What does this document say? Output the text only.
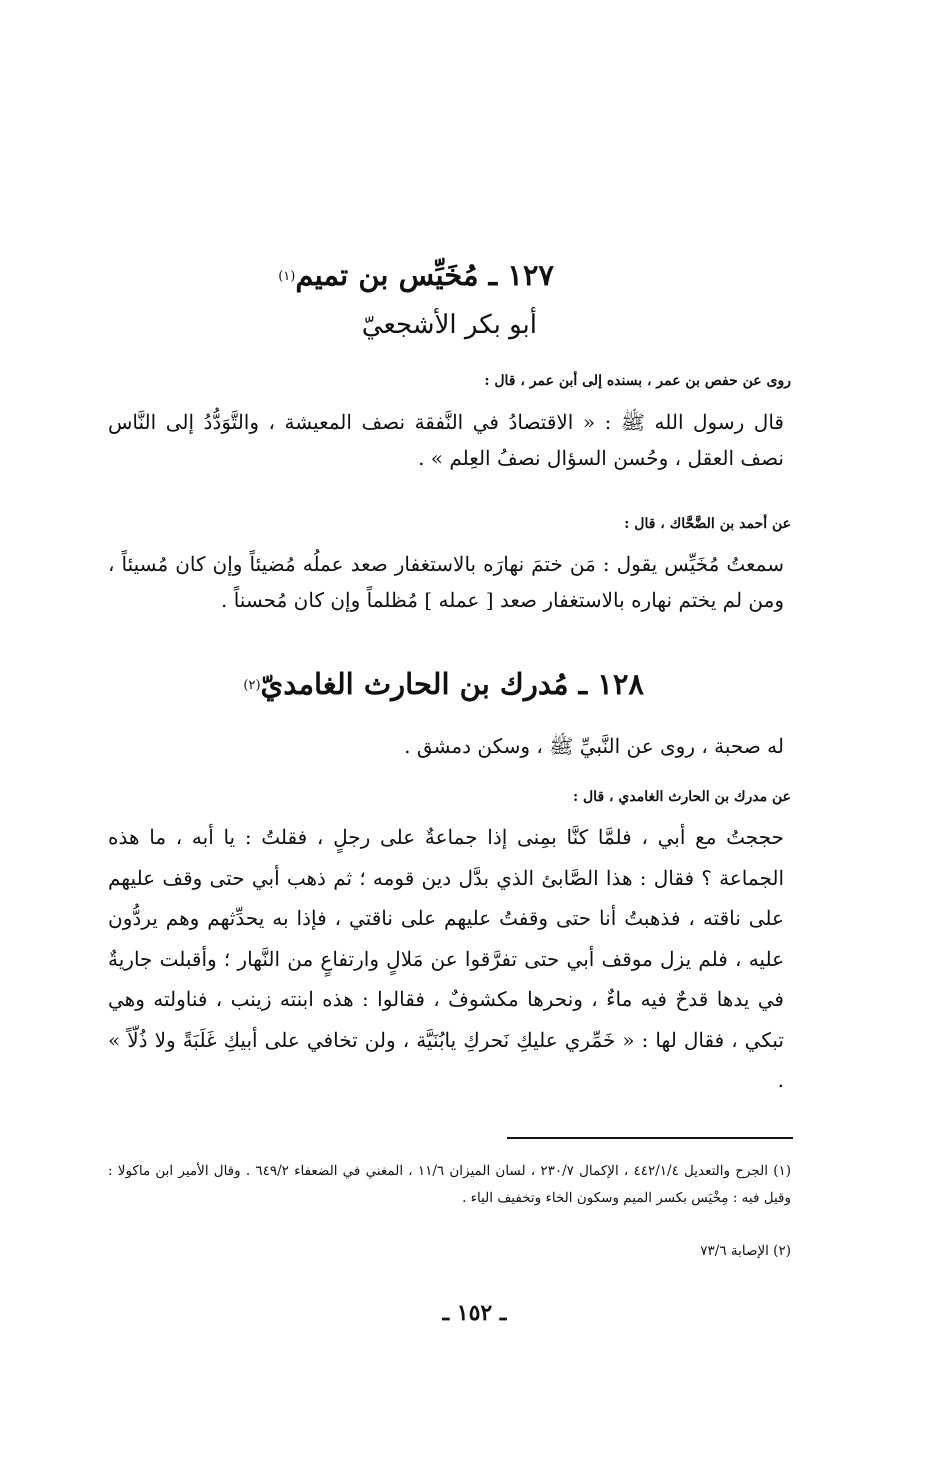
١٢٧ ـ مُخَيِّس بن تميم$^{(١)}$
أبو بكر الأشجعيّ
روى عن حفص بن عمر ، بسنده إلى أبن عمر ، قال :
قال رسول الله ﷺ : « الاقتصادُ في النَّفقة نصف المعيشة ، والتَّوَدُّدُ إلى النَّاس نصف العقل ، وحُسن السؤال نصفُ العِلم » .
عن أحمد بن الضَّحَّاك ، قال :
سمعتُ مُخَيِّس يقول : مَن ختمَ نهارَه بالاستغفار صعد عملُه مُضيئاً وإن كان مُسيئاً ، ومن لم يختم نهاره بالاستغفار صعد [ عمله ] مُظلماً وإن كان مُحسناً .
١٢٨ ـ مُدرك بن الحارث الغامديّ$^{(٢)}$
له صحبة ، روى عن النَّبيِّ ﷺ ، وسكن دمشق .
عن مدرك بن الحارث الغامدي ، قال :
حججتُ مع أبي ، فلمَّا كنَّا بمِنى إذا جماعةٌ على رجلٍ ، فقلتُ : يا أبه ، ما هذه الجماعة ؟ فقال : هذا الصَّابئ الذي بدَّل دين قومه ؛ ثم ذهب أبي حتى وقف عليهم على ناقته ، فذهبتُ أنا حتى وقفتُ عليهم على ناقتي ، فإذا به يحدِّثهم وهم يردُّون عليه ، فلم يزل موقف أبي حتى تفرَّقوا عن مَلالٍ وارتفاعٍ من النَّهار ؛ وأقبلت جاريةٌ في يدها قدحٌ فيه ماءٌ ، ونحرها مكشوفٌ ، فقالوا : هذه ابنته زينب ، فناولته وهي تبكي ، فقال لها : « خَمِّري عليكِ نَحركِ يابُنَيَّة ، ولن تخافي على أبيكِ غَلَبَةً ولا ذُلّاً » .
(١) الجرح والتعديل ٤٤٢/١/٤ ، الإكمال ٢٣٠/٧ ، لسان الميزان ١١/٦ ، المغني في الضعفاء ٦٤٩/٢ . وقال الأمير ابن ماكولا : وقيل فيه : مِخْيَس بكسر الميم وسكون الخاء وتخفيف الياء .
(٢) الإصابة ٧٣/٦
ـ ١٥٢ ـ
